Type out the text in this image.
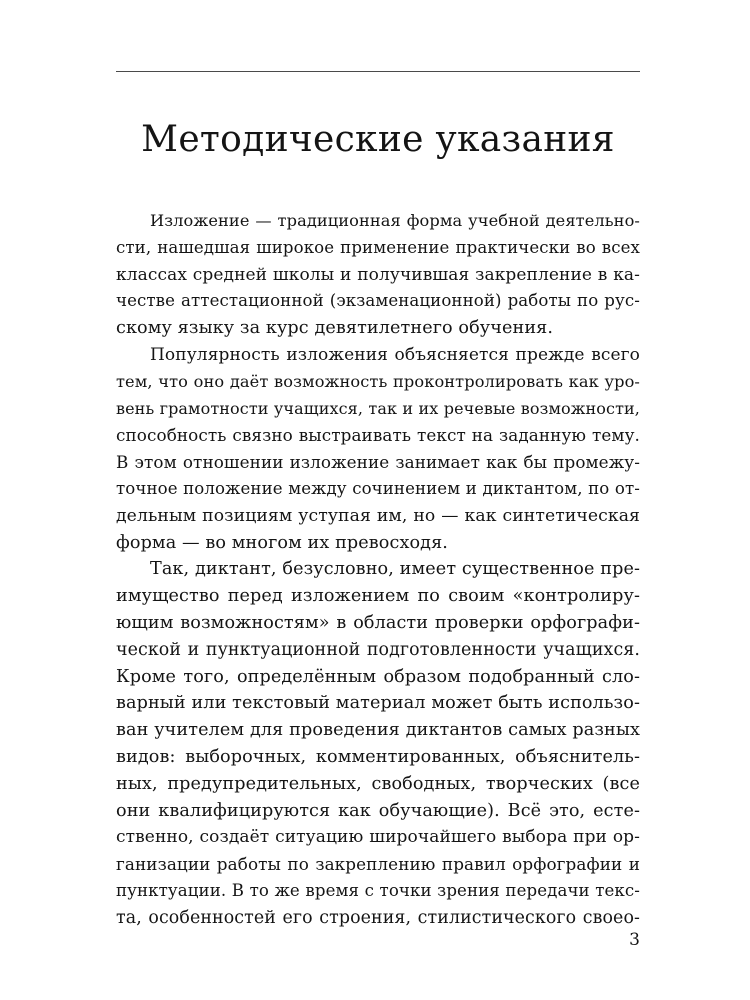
Методические указания
Изложение — традиционная форма учебной деятельно-
сти, нашедшая широкое применение практически во всех
классах средней школы и получившая закрепление в ка-
честве аттестационной (экзаменационной) работы по рус-
скому языку за курс девятилетнего обучения.
Популярность изложения объясняется прежде всего
тем, что оно даёт возможность проконтролировать как уро-
вень грамотности учащихся, так и их речевые возможности,
способность связно выстраивать текст на заданную тему.
В этом отношении изложение занимает как бы промежу-
точное положение между сочинением и диктантом, по от-
дельным позициям уступая им, но — как синтетическая
форма — во многом их превосходя.
Так, диктант, безусловно, имеет существенное пре-
имущество перед изложением по своим «контролиру-
ющим возможностям» в области проверки орфографи-
ческой и пунктуационной подготовленности учащихся.
Кроме того, определённым образом подобранный сло-
варный или текстовый материал может быть использо-
ван учителем для проведения диктантов самых разных
видов: выборочных, комментированных, объяснитель-
ных, предупредительных, свободных, творческих (все
они квалифицируются как обучающие). Всё это, есте-
ственно, создаёт ситуацию широчайшего выбора при ор-
ганизации работы по закреплению правил орфографии и
пунктуации. В то же время с точки зрения передачи текс-
та, особенностей его строения, стилистического своео-
3
